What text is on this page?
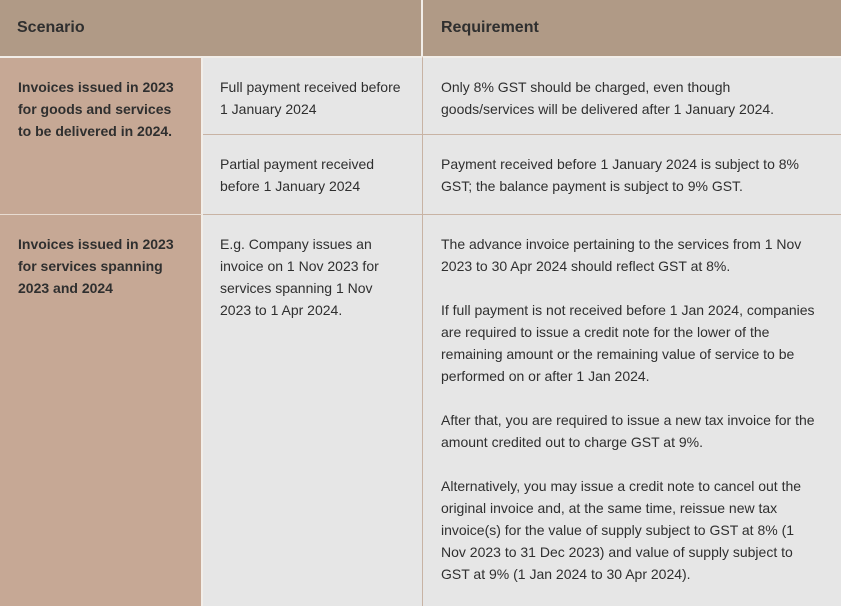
Scenario	Requirement
Invoices issued in 2023 for goods and services to be delivered in 2024.
Full payment received before 1 January 2024

Only 8% GST should be charged, even though goods/services will be delivered after 1 January 2024.

Partial payment received before 1 January 2024

Payment received before 1 January 2024 is subject to 8% GST; the balance payment is subject to 9% GST.

Invoices issued in 2023 for services spanning 2023 and 2024
E.g. Company issues an invoice on 1 Nov 2023 for services spanning 1 Nov 2023 to 1 Apr 2024.

The advance invoice pertaining to the services from 1 Nov 2023 to 30 Apr 2024 should reflect GST at 8%.

If full payment is not received before 1 Jan 2024, companies are required to issue a credit note for the lower of the remaining amount or the remaining value of service to be performed on or after 1 Jan 2024.

After that, you are required to issue a new tax invoice for the amount credited out to charge GST at 9%.

Alternatively, you may issue a credit note to cancel out the original invoice and, at the same time, reissue new tax invoice(s) for the value of supply subject to GST at 8% (1 Nov 2023 to 31 Dec 2023) and value of supply subject to GST at 9% (1 Jan 2024 to 30 Apr 2024).
